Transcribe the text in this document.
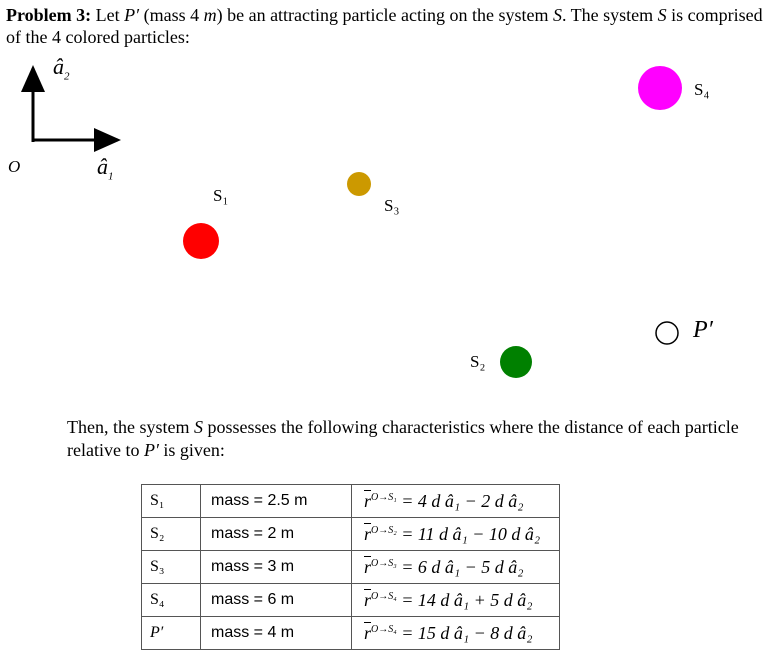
Problem 3: Let P′ (mass 4 m) be an attracting particle acting on the system S. The system S is comprised of the 4 colored particles:
O
$â_2$
$â_1$
S₁
S₂
S₃
S₄
P′
Then, the system S possesses the following characteristics where the distance of each particle relative to P′ is given:
S₁	mass = 2.5 m	$\overline{r}^{O\to S_1} = 4$ d â₁ − 2 d â₂
S₂	mass = 2 m	$\overline{r}^{O\to S_2} = 11$ d â₁ − 10 d â₂
S₃	mass = 3 m	$\overline{r}^{O\to S_3} = 6$ d â₁ − 5 d â₂
S₄	mass = 6 m	$\overline{r}^{O\to S_4} = 14$ d â₁ + 5 d â₂
P′	mass = 4 m	$\overline{r}^{O\to S_4} = 15$ d â₁ − 8 d â₂
